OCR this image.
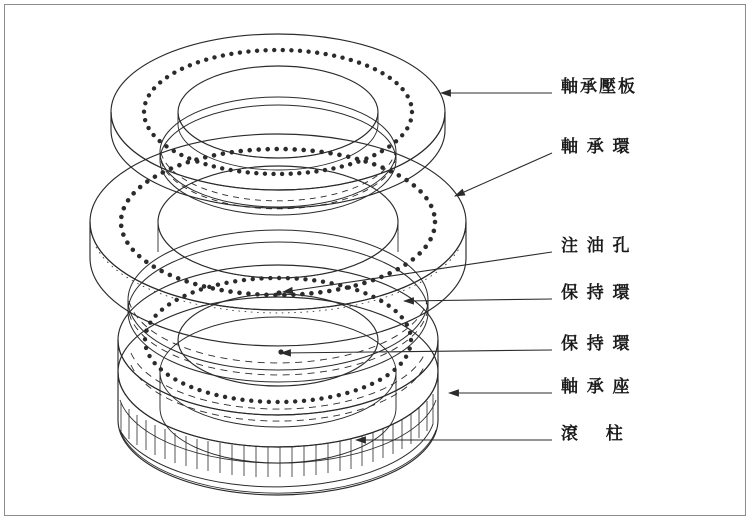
軸承壓板
軸 承 環
注 油 孔
保 持 環
保 持 環
軸 承 座
滾　 柱
